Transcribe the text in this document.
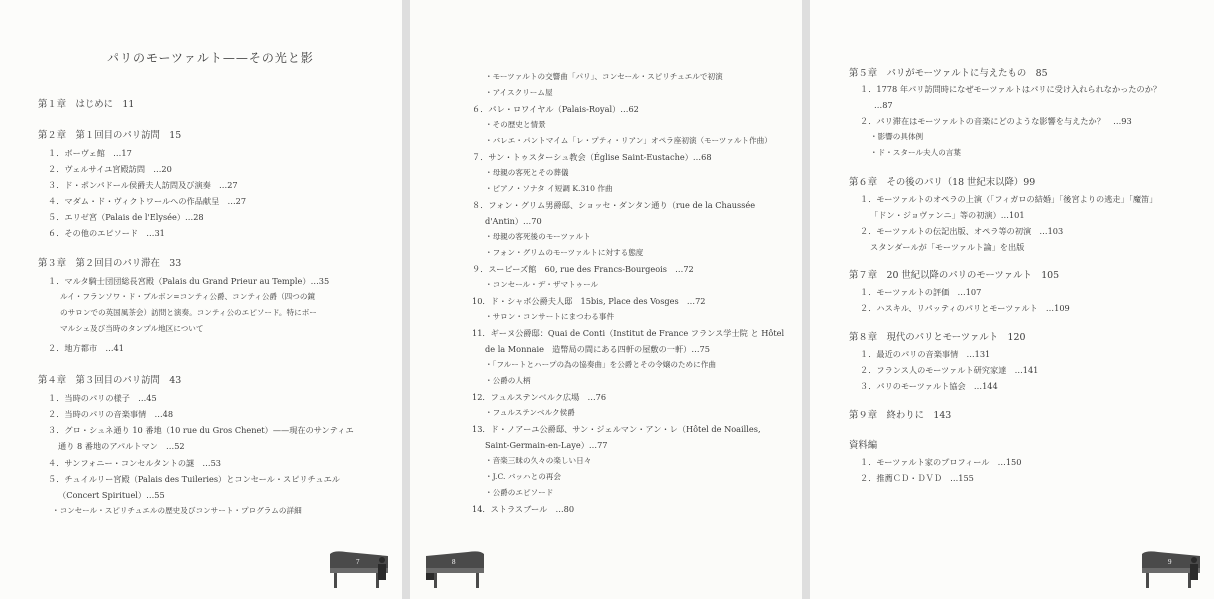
パリのモーツァルト——その光と影
第１章　はじめに　11
第２章　第１回目のパリ訪問　15
１．ボーヴェ館　…17
２．ヴェルサイユ宮殿訪問　…20
３．ド・ポンパドール侯爵夫人訪問及び演奏　…27
４．マダム・ド・ヴィクトワールへの作品献呈　…27
５．エリゼ宮（Palais de l'Elysée）…28
６．その他のエピソード　…31
第３章　第２回目のパリ滞在　33
１．マルタ騎士団団総長宮殿（Palais du Grand Prieur au Temple）…35
ルイ・フランソワ・ド・ブルボン=コンティ公爵、コンティ公爵（四つの鏡
のサロンでの英国風茶会）訪問と演奏。コンティ公のエピソード。特にボー
マルシェ及び当時のタンプル地区について
２．地方都市　…41
第４章　第３回目のパリ訪問　43
１．当時のパリの様子　…45
２．当時のパリの音楽事情　…48
３．グロ・シュネ通り 10 番地（10 rue du Gros Chenet）——現在のサンティエ
通り 8 番地のアパルトマン　…52
４．サンフォニー・コンセルタントの謎　…53
５．チュイルリー宮殿（Palais des Tuileries）とコンセール・スピリチュエル
（Concert Spirituel）…55
・コンセール・スピリチュエルの歴史及びコンサート・プログラムの詳細
7
・モーツァルトの交響曲「パリ」、コンセール・スピリチュエルで初演
・アイスクリーム屋
６．パレ・ロワイヤル（Palais-Royal）…62
・その歴史と情景
・バレエ・パントマイム「レ・プティ・リアン」オペラ座初演（モーツァルト作曲）
７．サン・トゥスターシュ教会（Église Saint-Eustache）…68
・母親の客死とその葬儀
・ピアノ・ソナタ イ短調 K.310 作曲
８．フォン・グリム男爵邸、ショッセ・ダンタン通り（rue de la Chaussée
d'Antin）…70
・母親の客死後のモーツァルト
・フォン・グリムのモーツァルトに対する態度
９．スービーズ館　60, rue des Francs-Bourgeois　…72
・コンセール・デ・ザマトゥール
10．ド・シャボ公爵夫人邸　15bis, Place des Vosges　…72
・サロン・コンサートにまつわる事件
11．ギーヌ公爵邸：Quai de Conti（Institut de France フランス学士院 と Hôtel
de la Monnaie　造幣局の間にある四軒の屋敷の一軒）…75
・「フルートとハープの為の協奏曲」を公爵とその令嬢のために作曲
・公爵の人柄
12．フュルステンベルク広場　…76
・フュルステンベルク侯爵
13．ド・ノアーユ公爵邸、サン・ジェルマン・アン・レ（Hôtel de Noailles,
Saint-Germain-en-Laye）…77
・音楽三昧の久々の楽しい日々
・J.C. バッハとの再会
・公爵のエピソード
14．ストラスブール　…80
8
第５章　パリがモーツァルトに与えたもの　85
１．1778 年パリ訪問時になぜモーツァルトはパリに受け入れられなかったのか？
…87
２．パリ滞在はモーツァルトの音楽にどのような影響を与えたか？　…93
・影響の具体例
・ド・スタール夫人の言葉
第６章　その後のパリ（18 世紀末以降）99
１．モーツァルトのオペラの上演（「フィガロの結婚」「後宮よりの逃走」「魔笛」
「ドン・ジョヴァンニ」等の初演）…101
２．モーツァルトの伝記出版、オペラ等の初演　…103
スタンダールが「モーツァルト論」を出版
第７章　20 世紀以降のパリのモーツァルト　105
１．モーツァルトの評価　…107
２．ハスキル、リパッティのパリとモーツァルト　…109
第８章　現代のパリとモーツァルト　120
１．最近のパリの音楽事情　…131
２．フランス人のモーツァルト研究家達　…141
３．パリのモーツァルト協会　…144
第９章　終わりに　143
資料編
１．モーツァルト家のプロフィール　…150
２．推薦ＣＤ・ＤＶＤ　…155
9
